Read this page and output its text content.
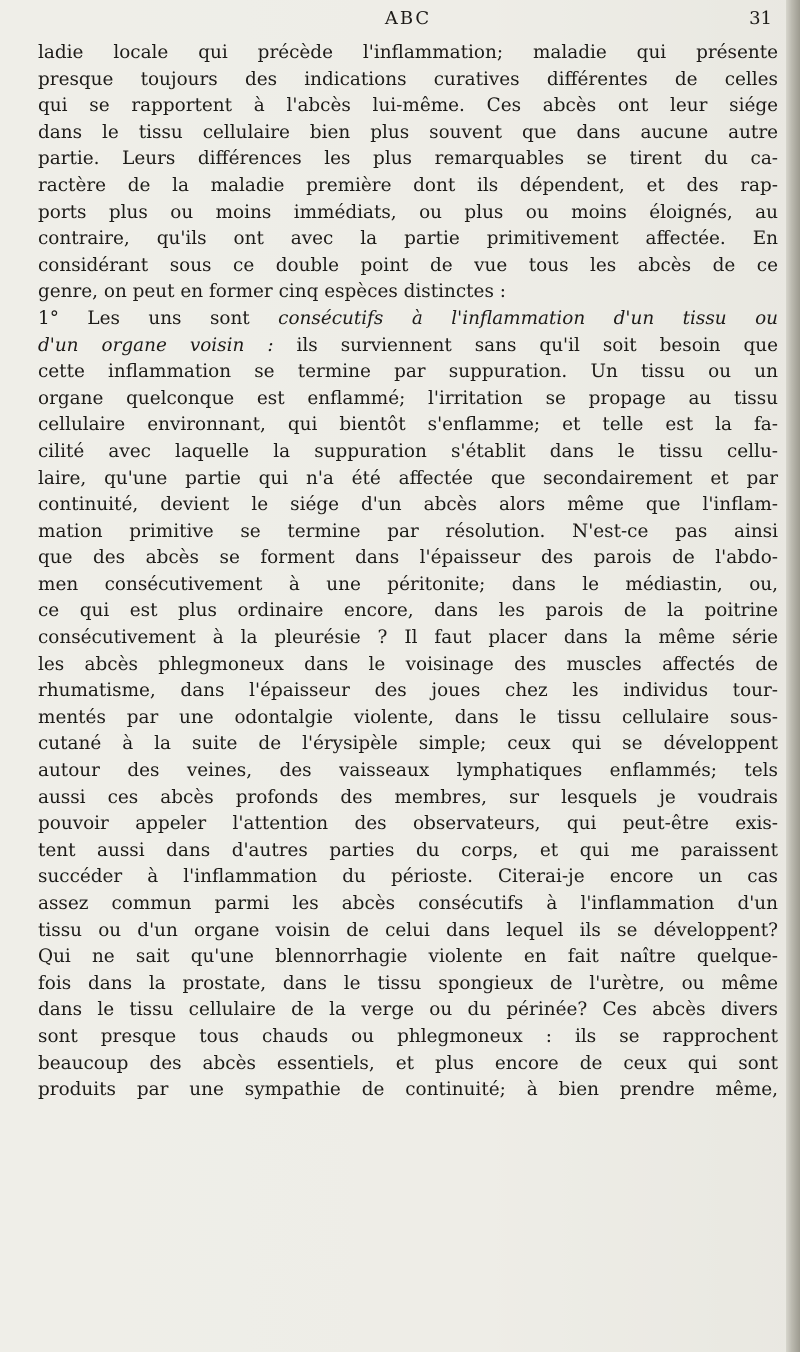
ABC	31
ladie locale qui précède l'inflammation; maladie qui présente
presque toujours des indications curatives différentes de celles
qui se rapportent à l'abcès lui-même. Ces abcès ont leur siége
dans le tissu cellulaire bien plus souvent que dans aucune autre
partie. Leurs différences les plus remarquables se tirent du ca-
ractère de la maladie première dont ils dépendent, et des rap-
ports plus ou moins immédiats, ou plus ou moins éloignés, au
contraire, qu'ils ont avec la partie primitivement affectée. En
considérant sous ce double point de vue tous les abcès de ce
genre, on peut en former cinq espèces distinctes :
1° Les uns sont consécutifs à l'inflammation d'un tissu ou
d'un organe voisin : ils surviennent sans qu'il soit besoin que
cette inflammation se termine par suppuration. Un tissu ou un
organe quelconque est enflammé; l'irritation se propage au tissu
cellulaire environnant, qui bientôt s'enflamme; et telle est la fa-
cilité avec laquelle la suppuration s'établit dans le tissu cellu-
laire, qu'une partie qui n'a été affectée que secondairement et par
continuité, devient le siége d'un abcès alors même que l'inflam-
mation primitive se termine par résolution. N'est-ce pas ainsi
que des abcès se forment dans l'épaisseur des parois de l'abdo-
men consécutivement à une péritonite; dans le médiastin, ou,
ce qui est plus ordinaire encore, dans les parois de la poitrine
consécutivement à la pleurésie ? Il faut placer dans la même série
les abcès phlegmoneux dans le voisinage des muscles affectés de
rhumatisme, dans l'épaisseur des joues chez les individus tour-
mentés par une odontalgie violente, dans le tissu cellulaire sous-
cutané à la suite de l'érysipèle simple; ceux qui se développent
autour des veines, des vaisseaux lymphatiques enflammés; tels
aussi ces abcès profonds des membres, sur lesquels je voudrais
pouvoir appeler l'attention des observateurs, qui peut-être exis-
tent aussi dans d'autres parties du corps, et qui me paraissent
succéder à l'inflammation du périoste. Citerai-je encore un cas
assez commun parmi les abcès consécutifs à l'inflammation d'un
tissu ou d'un organe voisin de celui dans lequel ils se développent?
Qui ne sait qu'une blennorrhagie violente en fait naître quelque-
fois dans la prostate, dans le tissu spongieux de l'urètre, ou même
dans le tissu cellulaire de la verge ou du périnée? Ces abcès divers
sont presque tous chauds ou phlegmoneux : ils se rapprochent
beaucoup des abcès essentiels, et plus encore de ceux qui sont
produits par une sympathie de continuité; à bien prendre même,
